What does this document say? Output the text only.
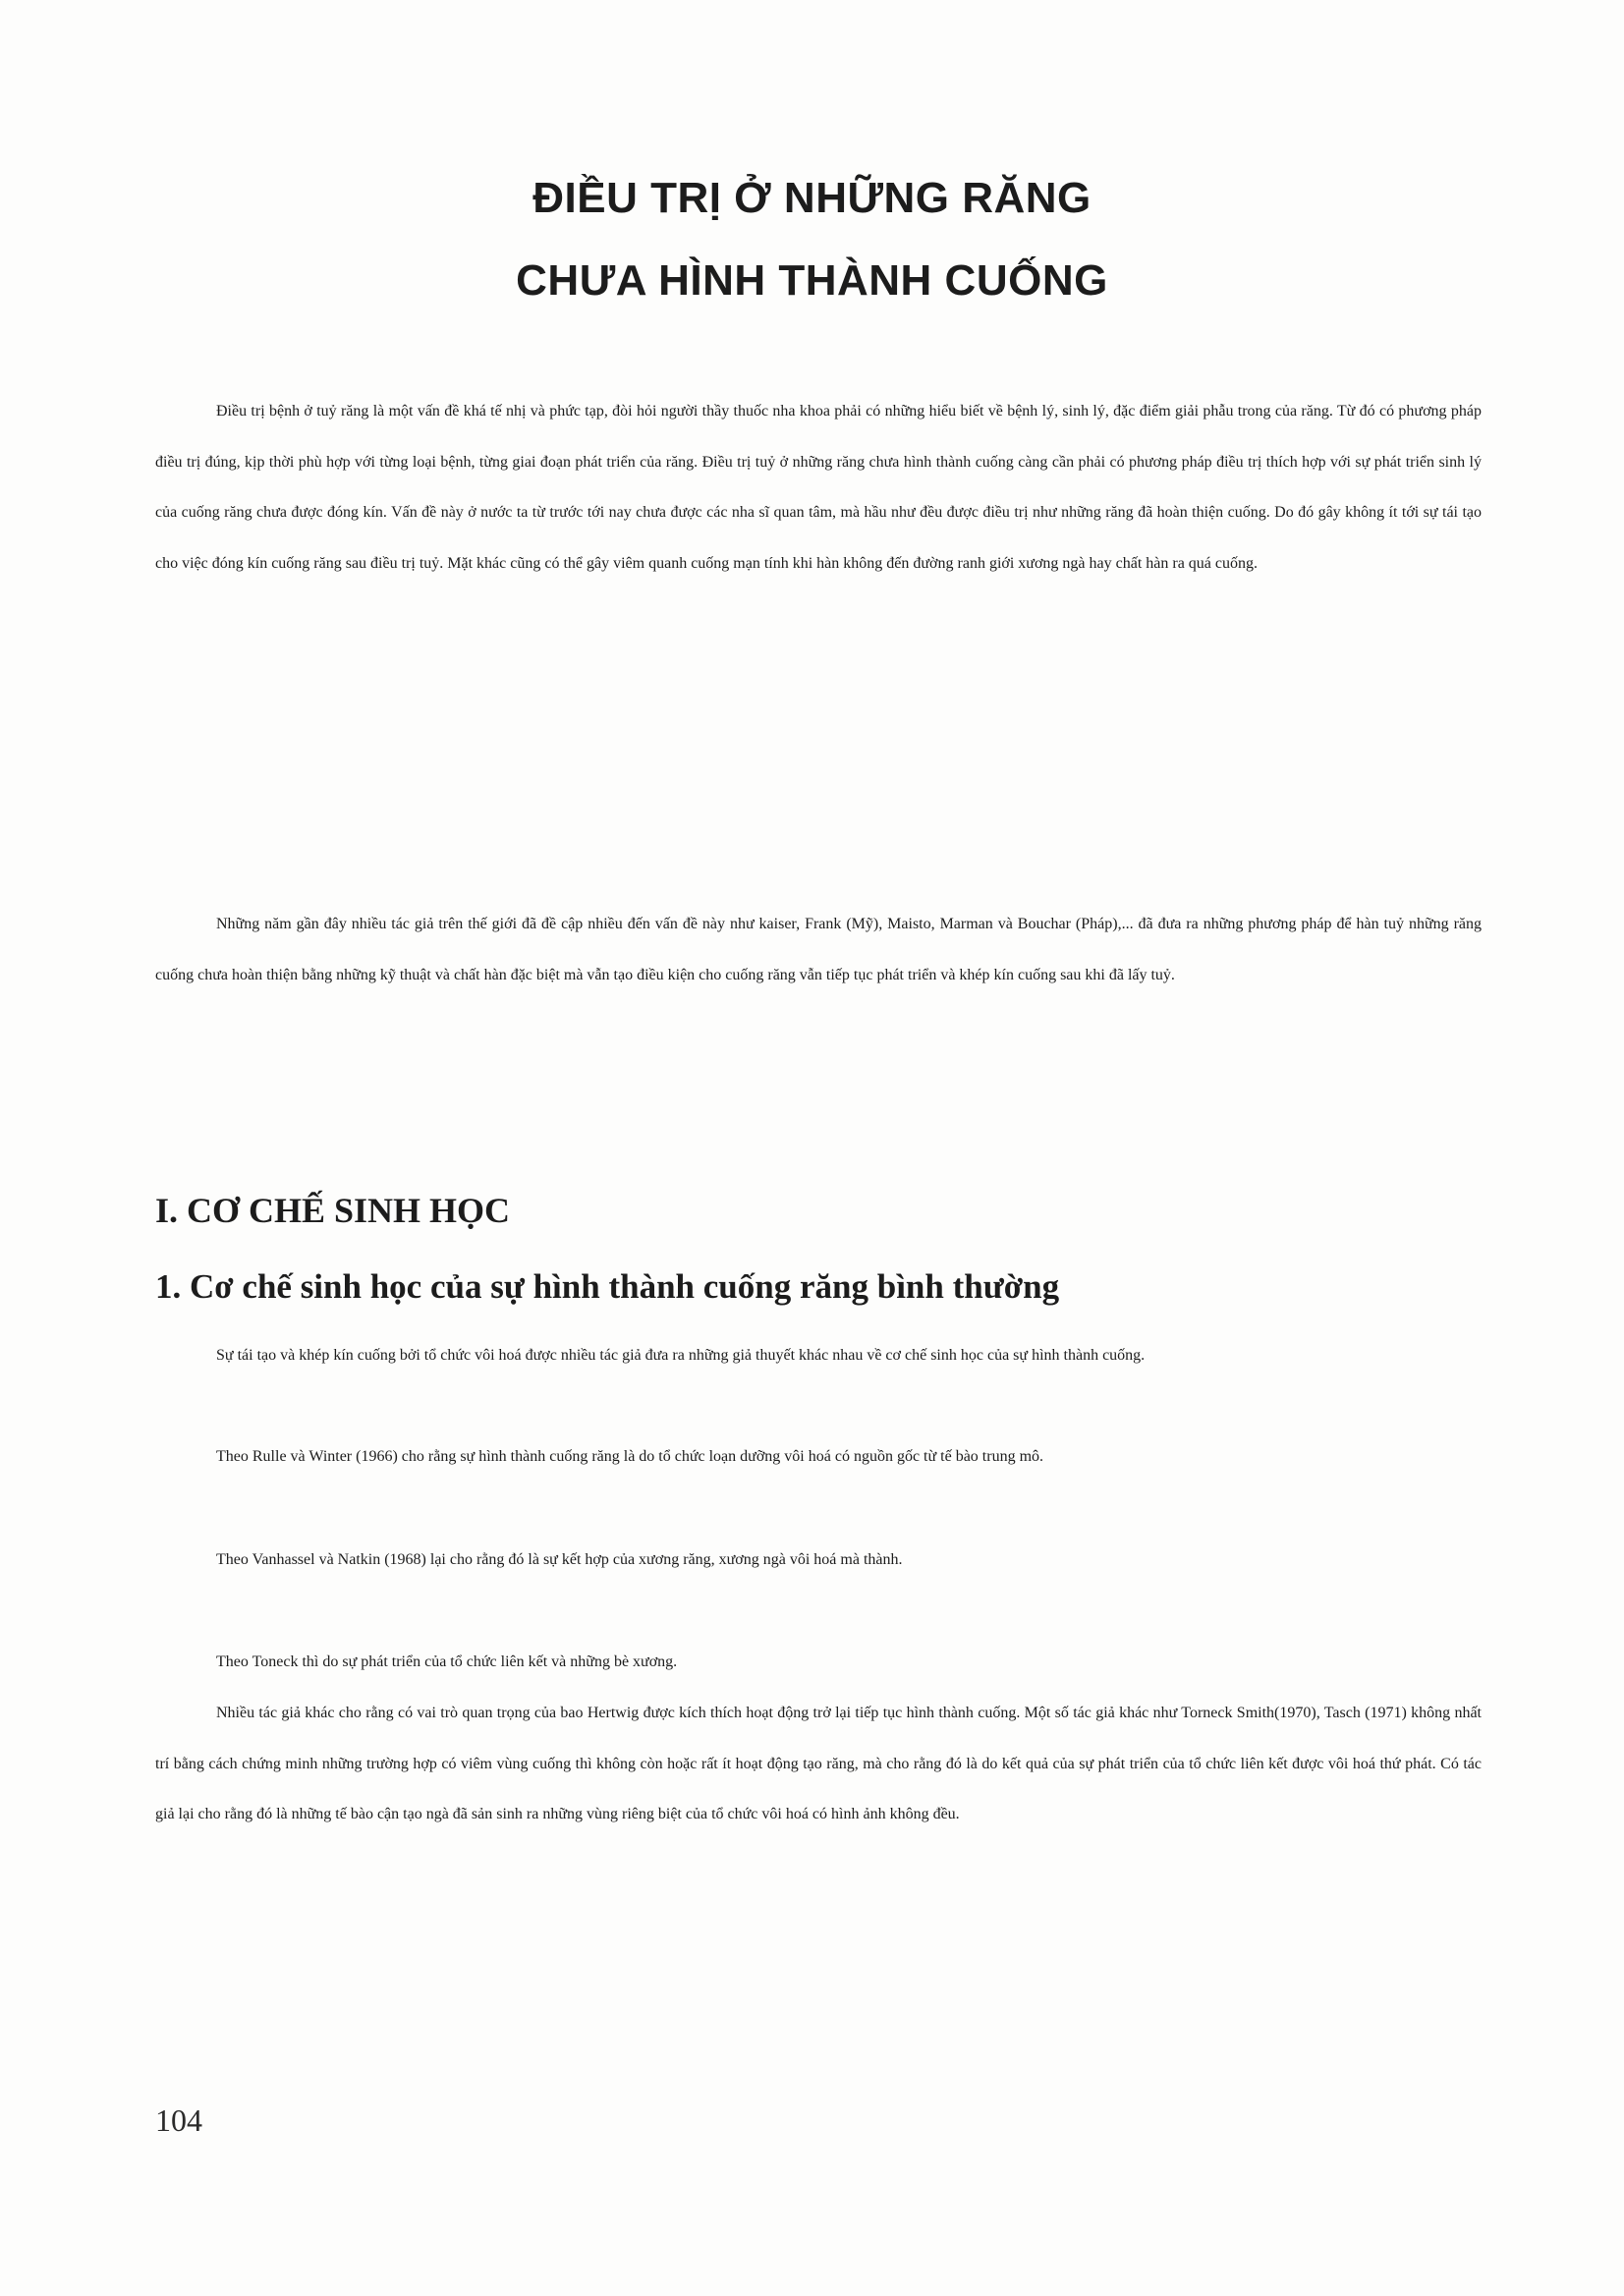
ĐIỀU TRỊ Ở NHỮNG RĂNG
CHƯA HÌNH THÀNH CUỐNG

Điều trị bệnh ở tuỷ răng là một vấn đề khá tế nhị và phức tạp, đòi hỏi người thầy thuốc nha khoa phải có những hiểu biết về bệnh lý, sinh lý, đặc điểm giải phẫu trong của răng. Từ đó có phương pháp điều trị đúng, kịp thời phù hợp với từng loại bệnh, từng giai đoạn phát triển của răng. Điều trị tuỷ ở những răng chưa hình thành cuống càng cần phải có phương pháp điều trị thích hợp với sự phát triển sinh lý của cuống răng chưa được đóng kín. Vấn đề này ở nước ta từ trước tới nay chưa được các nha sĩ quan tâm, mà hầu như đều được điều trị như những răng đã hoàn thiện cuống. Do đó gây không ít tới sự tái tạo cho việc đóng kín cuống răng sau điều trị tuỷ. Mặt khác cũng có thể gây viêm quanh cuống mạn tính khi hàn không đến đường ranh giới xương ngà hay chất hàn ra quá cuống.

Những năm gần đây nhiều tác giả trên thế giới đã đề cập nhiều đến vấn đề này như kaiser, Frank (Mỹ), Maisto, Marman và Bouchar (Pháp),... đã đưa ra những phương pháp để hàn tuỷ những răng cuống chưa hoàn thiện bằng những kỹ thuật và chất hàn đặc biệt mà vẫn tạo điều kiện cho cuống răng vẫn tiếp tục phát triển và khép kín cuống sau khi đã lấy tuỷ.

I. CƠ CHẾ SINH HỌC
1. Cơ chế sinh học của sự hình thành cuống răng bình thường

Sự tái tạo và khép kín cuống bởi tổ chức vôi hoá được nhiều tác giả đưa ra những giả thuyết khác nhau về cơ chế sinh học của sự hình thành cuống.

Theo Rulle và Winter (1966) cho rằng sự hình thành cuống răng là do tổ chức loạn dưỡng vôi hoá có nguồn gốc từ tế bào trung mô.

Theo Vanhassel và Natkin (1968) lại cho rằng đó là sự kết hợp của xương răng, xương ngà vôi hoá mà thành.

Theo Toneck thì do sự phát triển của tổ chức liên kết và những bè xương.

Nhiều tác giả khác cho rằng có vai trò quan trọng của bao Hertwig được kích thích hoạt động trở lại tiếp tục hình thành cuống. Một số tác giả khác như Torneck Smith(1970), Tasch (1971) không nhất trí bằng cách chứng minh những trường hợp có viêm vùng cuống thì không còn hoặc rất ít hoạt động tạo răng, mà cho rằng đó là do kết quả của sự phát triển của tổ chức liên kết được vôi hoá thứ phát. Có tác giả lại cho rằng đó là những tế bào cận tạo ngà đã sản sinh ra những vùng riêng biệt của tổ chức vôi hoá có hình ảnh không đều.

104
